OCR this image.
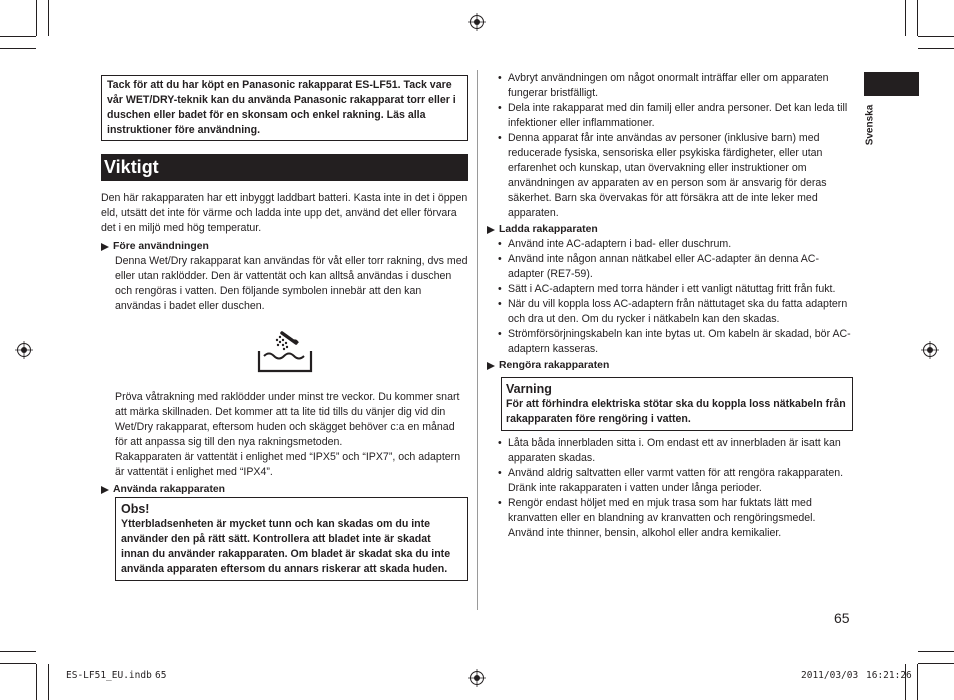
Tack för att du har köpt en Panasonic rakapparat ES-LF51. Tack vare vår WET/DRY-teknik kan du använda Panasonic rakapparat torr eller i duschen eller badet för en skonsam och enkel rakning. Läs alla instruktioner före användning.

Viktigt

Den här rakapparaten har ett inbyggt laddbart batteri. Kasta inte in det i öppen eld, utsätt det inte för värme och ladda inte upp det, använd det eller förvara det i en miljö med hög temperatur.

Före användningen

Denna Wet/Dry rakapparat kan användas för våt eller torr rakning, dvs med eller utan raklödder. Den är vattentät och kan alltså användas i duschen och rengöras i vatten. Den följande symbolen innebär att den kan användas i badet eller duschen.

Pröva våtrakning med raklödder under minst tre veckor. Du kommer snart att märka skillnaden. Det kommer att ta lite tid tills du vänjer dig vid din Wet/Dry rakapparat, eftersom huden och skägget behöver c:a en månad för att anpassa sig till den nya rakningsmetoden.

Rakapparaten är vattentät i enlighet med “IPX5” och “IPX7”, och adaptern är vattentät i enlighet med “IPX4”.

Använda rakapparaten
Obs!
Ytterbladsenheten är mycket tunn och kan skadas om du inte använder den på rätt sätt. Kontrollera att bladet inte är skadat innan du använder rakapparaten. Om bladet är skadat ska du inte använda apparaten eftersom du annars riskerar att skada huden.
• Avbryt användningen om något onormalt inträffar eller om apparaten fungerar bristfälligt.
• Dela inte rakapparat med din familj eller andra personer. Det kan leda till infektioner eller inflammationer.
• Denna apparat får inte användas av personer (inklusive barn) med reducerade fysiska, sensoriska eller psykiska färdigheter, eller utan erfarenhet och kunskap, utan övervakning eller instruktioner om användningen av apparaten av en person som är ansvarig för deras säkerhet. Barn ska övervakas för att försäkra att de inte leker med apparaten.
Ladda rakapparaten
• Använd inte AC-adaptern i bad- eller duschrum.
• Använd inte någon annan nätkabel eller AC-adapter än denna AC-adapter (RE7-59).
• Sätt i AC-adaptern med torra händer i ett vanligt nätuttag fritt från fukt.
• När du vill koppla loss AC-adaptern från nättutaget ska du fatta adaptern och dra ut den. Om du rycker i nätkabeln kan den skadas.
• Strömförsörjningskabeln kan inte bytas ut. Om kabeln är skadad, bör AC-adaptern kasseras.
Rengöra rakapparaten
Varning
För att förhindra elektriska stötar ska du koppla loss nätkabeln från rakapparaten före rengöring i vatten.
• Låta båda innerbladen sitta i. Om endast ett av innerbladen är isatt kan apparaten skadas.
• Använd aldrig saltvatten eller varmt vatten för att rengöra rakapparaten. Dränk inte rakapparaten i vatten under långa perioder.
• Rengör endast höljet med en mjuk trasa som har fuktats lätt med kranvatten eller en blandning av kranvatten och rengöringsmedel. Använd inte thinner, bensin, alkohol eller andra kemikalier.
Svenska
65
ES-LF51_EU.indb 65	2011/03/03 16:21:26
